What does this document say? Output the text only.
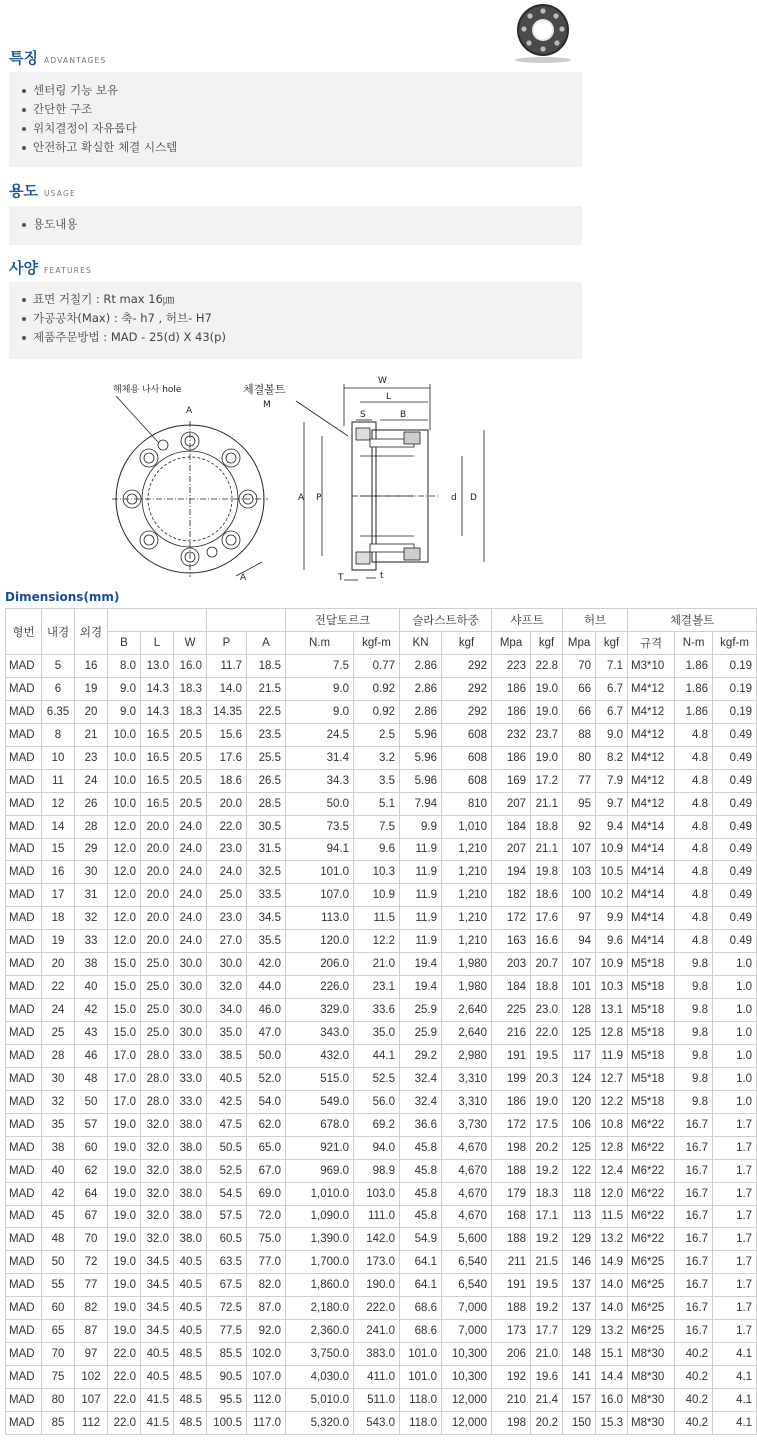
특징 ADVANTAGES
센터링 기능 보유
간단한 구조
위치결정이 자유롭다
안전하고 확실한 체결 시스템
용도 USAGE
용도내용
사양 FEATURES
표면 거칠기 : Rt max 16㎛
가공공차(Max) : 축- h7 , 허브- H7
제품주문방법 : MAD - 25(d) X 43(p)
해체용 나사 hole
A
A
체결볼트
M
W
L
S	B
A P	d D
T	t
Dimensions(mm)
형번	내경	외경						전달토르크		슬라스트하중		샤프트		허브		체결볼트		
			B	L	W	P	A	N.m	kgf-m	KN	kgf	Mpa	kgf	Mpa	kgf	규격	N-m	kgf-m
MAD	5	16	8.0	13.0	16.0	11.7	18.5	7.5	0.77	2.86	292	223	22.8	70	7.1	M3*10	1.86	0.19
MAD	6	19	9.0	14.3	18.3	14.0	21.5	9.0	0.92	2.86	292	186	19.0	66	6.7	M4*12	1.86	0.19
MAD	6.35	20	9.0	14.3	18.3	14.35	22.5	9.0	0.92	2.86	292	186	19.0	66	6.7	M4*12	1.86	0.19
MAD	8	21	10.0	16.5	20.5	15.6	23.5	24.5	2.5	5.96	608	232	23.7	88	9.0	M4*12	4.8	0.49
MAD	10	23	10.0	16.5	20.5	17.6	25.5	31.4	3.2	5.96	608	186	19.0	80	8.2	M4*12	4.8	0.49
MAD	11	24	10.0	16.5	20.5	18.6	26.5	34.3	3.5	5.96	608	169	17.2	77	7.9	M4*12	4.8	0.49
MAD	12	26	10.0	16.5	20.5	20.0	28.5	50.0	5.1	7.94	810	207	21.1	95	9.7	M4*12	4.8	0.49
MAD	14	28	12.0	20.0	24.0	22.0	30.5	73.5	7.5	9.9	1,010	184	18.8	92	9.4	M4*14	4.8	0.49
MAD	15	29	12.0	20.0	24.0	23.0	31.5	94.1	9.6	11.9	1,210	207	21.1	107	10.9	M4*14	4.8	0.49
MAD	16	30	12.0	20.0	24.0	24.0	32.5	101.0	10.3	11.9	1,210	194	19.8	103	10.5	M4*14	4.8	0.49
MAD	17	31	12.0	20.0	24.0	25.0	33.5	107.0	10.9	11.9	1,210	182	18.6	100	10.2	M4*14	4.8	0.49
MAD	18	32	12.0	20.0	24.0	23.0	34.5	113.0	11.5	11.9	1,210	172	17.6	97	9.9	M4*14	4.8	0.49
MAD	19	33	12.0	20.0	24.0	27.0	35.5	120.0	12.2	11.9	1,210	163	16.6	94	9.6	M4*14	4.8	0.49
MAD	20	38	15.0	25.0	30.0	30.0	42.0	206.0	21.0	19.4	1,980	203	20.7	107	10.9	M5*18	9.8	1.0
MAD	22	40	15.0	25.0	30.0	32.0	44.0	226.0	23.1	19.4	1,980	184	18.8	101	10.3	M5*18	9.8	1.0
MAD	24	42	15.0	25.0	30.0	34.0	46.0	329.0	33.6	25.9	2,640	225	23.0	128	13.1	M5*18	9.8	1.0
MAD	25	43	15.0	25.0	30.0	35.0	47.0	343.0	35.0	25.9	2,640	216	22.0	125	12.8	M5*18	9.8	1.0
MAD	28	46	17.0	28.0	33.0	38.5	50.0	432.0	44.1	29.2	2,980	191	19.5	117	11.9	M5*18	9.8	1.0
MAD	30	48	17.0	28.0	33.0	40.5	52.0	515.0	52.5	32.4	3,310	199	20.3	124	12.7	M5*18	9.8	1.0
MAD	32	50	17.0	28.0	33.0	42.5	54.0	549.0	56.0	32.4	3,310	186	19.0	120	12.2	M5*18	9.8	1.0
MAD	35	57	19.0	32.0	38.0	47.5	62.0	678.0	69.2	36.6	3,730	172	17.5	106	10.8	M6*22	16.7	1.7
MAD	38	60	19.0	32.0	38.0	50.5	65.0	921.0	94.0	45.8	4,670	198	20.2	125	12.8	M6*22	16.7	1.7
MAD	40	62	19.0	32.0	38.0	52.5	67.0	969.0	98.9	45.8	4,670	188	19.2	122	12.4	M6*22	16.7	1.7
MAD	42	64	19.0	32.0	38.0	54.5	69.0	1,010.0	103.0	45.8	4,670	179	18.3	118	12.0	M6*22	16.7	1.7
MAD	45	67	19.0	32.0	38.0	57.5	72.0	1,090.0	111.0	45.8	4,670	168	17.1	113	11.5	M6*22	16.7	1.7
MAD	48	70	19.0	32.0	38.0	60.5	75.0	1,390.0	142.0	54.9	5,600	188	19.2	129	13.2	M6*22	16.7	1.7
MAD	50	72	19.0	34.5	40.5	63.5	77.0	1,700.0	173.0	64.1	6,540	211	21.5	146	14.9	M6*25	16.7	1.7
MAD	55	77	19.0	34.5	40.5	67.5	82.0	1,860.0	190.0	64.1	6,540	191	19.5	137	14.0	M6*25	16.7	1.7
MAD	60	82	19.0	34.5	40.5	72.5	87.0	2,180.0	222.0	68.6	7,000	188	19.2	137	14.0	M6*25	16.7	1.7
MAD	65	87	19.0	34.5	40.5	77.5	92.0	2,360.0	241.0	68.6	7,000	173	17.7	129	13.2	M6*25	16.7	1.7
MAD	70	97	22.0	40.5	48.5	85.5	102.0	3,750.0	383.0	101.0	10,300	206	21.0	148	15.1	M8*30	40.2	4.1
MAD	75	102	22.0	40.5	48.5	90.5	107.0	4,030.0	411.0	101.0	10,300	192	19.6	141	14.4	M8*30	40.2	4.1
MAD	80	107	22.0	41.5	48.5	95.5	112.0	5,010.0	511.0	118.0	12,000	210	21.4	157	16.0	M8*30	40.2	4.1
MAD	85	112	22.0	41.5	48.5	100.5	117.0	5,320.0	543.0	118.0	12,000	198	20.2	150	15.3	M8*30	40.2	4.1
